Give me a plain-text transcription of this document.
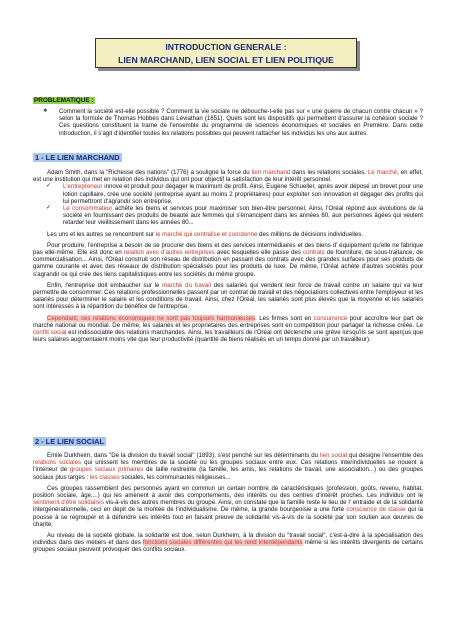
INTRODUCTION GENERALE :
LIEN MARCHAND, LIEN SOCIAL ET LIEN POLITIQUE
PROBLEMATIQUE :

❖ Comment la société est-elle possible ? Comment la vie sociale ne débouche-t-elle pas sur « une guerre de chacun contre chacun » ? selon la formule de Thomas Hobbes dans Léviathan (1651). Quels sont les dispositifs qui permettent d'assurer la cohésion sociale ? Ces questions constituent la trame de l'ensemble du programme de sciences économiques et sociales en Première. Dans cette introduction, il s'agit d'identifier toutes les relations possibles qui peuvent rattacher les individus les uns aux autres.

1 - LE LIEN MARCHAND

Adam Smith, dans la "Richesse des nations" (1776) a souligné la force du lien marchand dans les relations sociales. Le marché, en effet, est une institution qui met en relation des individus qui ont pour objectif la satisfaction de leur intérêt personnel.

✓ L'entrepreneur innove et produit pour dégager le maximum de profit. Ainsi, Eugène Schueller, après avoir déposé un brevet pour une lotion capillaire, crée une société (entreprise ayant au moins 2 propriétaires) pour exploiter son innovation et dégager des profits qui lui permettront d'agrandir son entreprise.

✓ Le consommateur achète les biens et services pour maximiser son bien-être personnel. Ainsi, l'Oréal répond aux évolutions de la société en fournissant des produits de beauté aux femmes qui s'émancipent dans les années 60, aux personnes âgées qui veulent retarder leur vieillissement dans les années 80...

Les uns et les autres se rencontrent sur le marché qui centralise et coordonne des millions de décisions individuelles.

Pour produire, l'entreprise a besoin de se procurer des biens et des services intermédiaires et des biens d' équipement qu'elle ne fabrique pas elle-même. Elle est donc en relation avec d'autres entreprises avec lesquelles elle passe des contrats de fourniture, de sous-traitance, de commercialisation... Ainsi, l'Oréal construit son réseau de distribution en passant des contrats avec des grandes surfaces pour ses produits de gamme courante et avec des réseaux de distribution spécialisés pour les produits de luxe. De même, l'Oréal achète d'autres sociétés pour s'agrandir ce qui crée des liens capitalistiques entre les sociétés du même groupe.

Enfin, l'entreprise doit embaucher sur le marché du travail des salariés qui vendent leur force de travail contre un salaire qui va leur permettre de consommer. Ces relations professionnelles passent par un contrat de travail et des négociations collectives entre l'employeur et les salariés pour déterminer le salaire et les conditions de travail. Ainsi, chez l'Oréal, les salariés sont plus élevés que la moyenne et les salariés sont intéressés à la répartition du bénéfice de l'entreprise.

Cependant, ces relations économiques ne sont pas toujours harmonieuses. Les firmes sont en concurrence pour accroître leur part de marché national ou mondial. De même, les salariés et les propriétaires des entreprises sont en compétition pour partager la richesse créée. Le conflit social est indissociable des relations marchandes. Ainsi, les travailleurs de l'Oréal ont déclenché une grève lorsqu'ils se sont aperçus que leurs salaires augmentaient moins vite que leur productivité (quantité de biens réalisés en un temps donné par un travailleur).

2 - LE LIEN SOCIAL

Emile Durkheim, dans "De la division du travail social" (1893), s'est penché sur les déterminants du lien social qui désigne l'ensemble des relations sociales qui unissent les membres de la société ou les groupes sociaux entre eux. Ces relations interindividuelles se nouent à l'intérieur de groupes sociaux primaires de taille restreinte (la famille, les amis, les relations de travail, une association...) ou des groupes sociaux plus larges : les classes sociales, les communautés religieuses...

Ces groupes rassemblent des personnes ayant en commun un certain nombre de caractéristiques (profession, goûts, revenu, habitat, position sociale, âge,...) qui les amènent à avoir des comportements, des intérêts ou des centres d'intérêt proches. Les individus ont le sentiment d'être solidaires vis-à-vis des autres membres du groupe. Ainsi, on constate que la famille reste le lieu de l' entraide et de la solidarité intergénérationnelle, ceci en dépit de la montée de l'individualisme. De même, la grande bourgeoisie a une forte conscience de classe qui la pousse à se regrouper et à défendre ses intérêts tout en faisant preuve de solidarité vis-à-vis de la société par son soutien aux œuvres de charité.

Au niveau de la société globale, la solidarité est due, selon Durkheim, à la division du "travail social", c'est-à-dire à la spécialisation des individus dans des métiers et dans des fonctions sociales différentes qui les rend interdépendants même si les intérêts divergents de certains groupes sociaux peuvent provoquer des conflits sociaux.
